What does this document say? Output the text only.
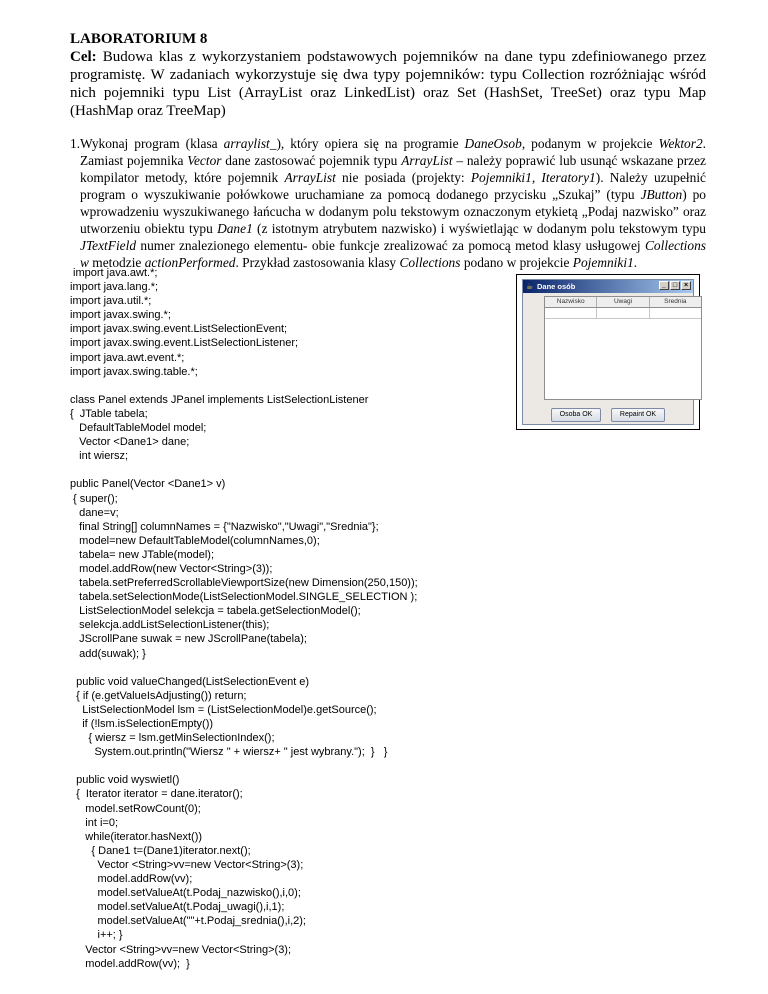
LABORATORIUM 8

Cel: Budowa klas z wykorzystaniem podstawowych pojemników na dane typu zdefiniowanego przez programistę. W zadaniach wykorzystuje się dwa typy pojemników: typu Collection rozróżniając wśród nich pojemniki typu List (ArrayList oraz LinkedList) oraz Set (HashSet, TreeSet) oraz typu Map (HashMap oraz TreeMap)

1. Wykonaj program (klasa arraylist_), który opiera się na programie DaneOsob, podanym w projekcie Wektor2. Zamiast pojemnika Vector dane zastosować pojemnik typu ArrayList – należy poprawić lub usunąć wskazane przez kompilator metody, które pojemnik ArrayList nie posiada (projekty: Pojemniki1, Iteratory1). Należy uzupełnić program o wyszukiwanie połówkowe uruchamiane za pomocą dodanego przycisku „Szukaj” (typu JButton) po wprowadzeniu wyszukiwanego łańcucha w dodanym polu tekstowym oznaczonym etykietą „Podaj nazwisko” oraz utworzeniu obiektu typu Dane1 (z istotnym atrybutem nazwisko) i wyświetlając w dodanym polu tekstowym typu JTextField numer znalezionego elementu- obie funkcje zrealizować za pomocą metod klasy usługowej Collections w metodzie actionPerformed. Przykład zastosowania klasy Collections podano w projekcie Pojemniki1.
import java.awt.*;
import java.lang.*;
import java.util.*;
import javax.swing.*;
import javax.swing.event.ListSelectionEvent;
import javax.swing.event.ListSelectionListener;
import java.awt.event.*;
import javax.swing.table.*;

class Panel extends JPanel implements ListSelectionListener
{  JTable tabela;
DefaultTableModel model;
Vector <Dane1> dane;
int wiersz;

public Panel(Vector <Dane1> v)
{ super();
dane=v;
final String[] columnNames = {"Nazwisko","Uwagi","Srednia"};
model=new DefaultTableModel(columnNames,0);
tabela= new JTable(model);
model.addRow(new Vector<String>(3));
tabela.setPreferredScrollableViewportSize(new Dimension(250,150));
tabela.setSelectionMode(ListSelectionModel.SINGLE_SELECTION );
ListSelectionModel selekcja = tabela.getSelectionModel();
selekcja.addListSelectionListener(this);
JScrollPane suwak = new JScrollPane(tabela);
add(suwak); }

public void valueChanged(ListSelectionEvent e)
{ if (e.getValueIsAdjusting()) return;
ListSelectionModel lsm = (ListSelectionModel)e.getSource();
if (!lsm.isSelectionEmpty())
{ wiersz = lsm.getMinSelectionIndex();
System.out.println("Wiersz " + wiersz+ " jest wybrany.");  }   }

public void wyswietl()
{  Iterator iterator = dane.iterator();
model.setRowCount(0);
int i=0;
while(iterator.hasNext())
{ Dane1 t=(Dane1)iterator.next();
Vector <String>vv=new Vector<String>(3);
model.addRow(vv);
model.setValueAt(t.Podaj_nazwisko(),i,0);
model.setValueAt(t.Podaj_uwagi(),i,1);
model.setValueAt(""+t.Podaj_srednia(),i,2);
i++; }
Vector <String>vv=new Vector<String>(3);
model.addRow(vv);  }
☕ Dane osób	_ □ ×
Nazwisko	Uwagi	Srednia
Osoba OK	Repaint OK
